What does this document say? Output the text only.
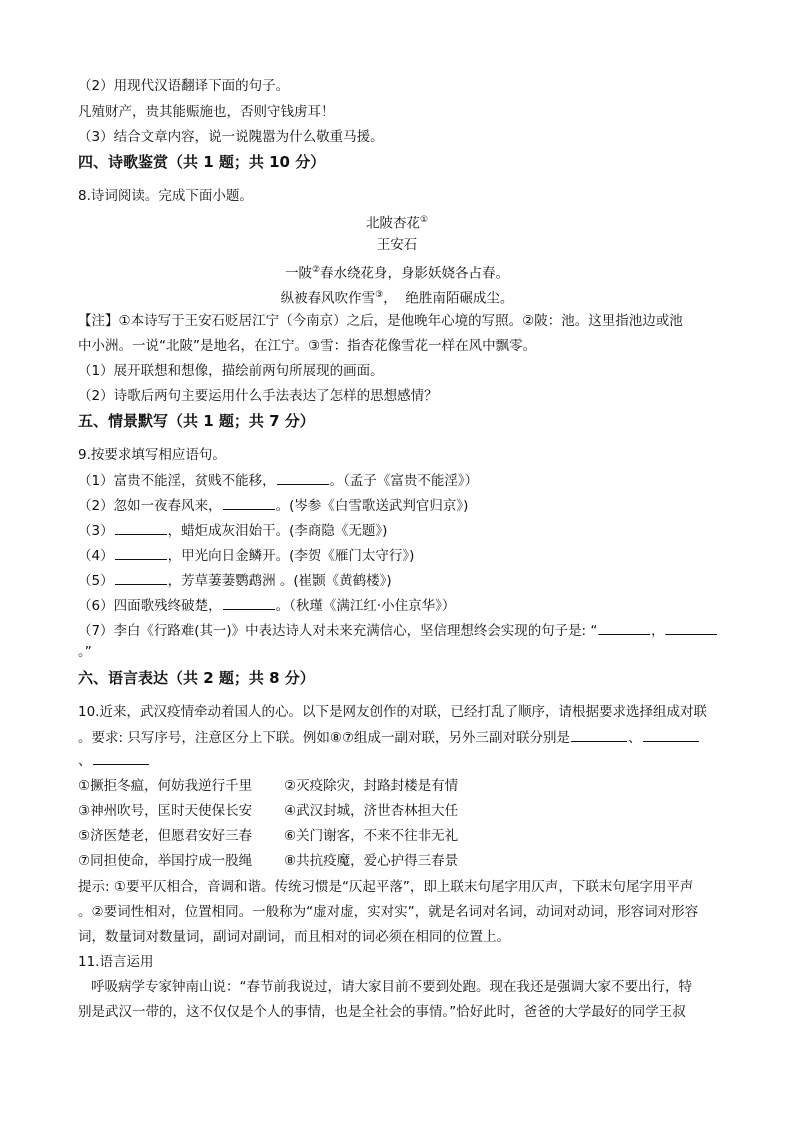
（2）用现代汉语翻译下面的句子。
凡殖财产，贵其能赈施也，否则守钱虏耳！
（3）结合文章内容，说一说隗嚣为什么敬重马援。
四、诗歌鉴赏（共 1 题；共 10 分）
8.诗词阅读。完成下面小题。
北陂杏花①
王安石
一陂②春水绕花身，身影妖娆各占春。
纵被春风吹作雪③，  绝胜南陌碾成尘。
【注】①本诗写于王安石贬居江宁（今南京）之后，是他晚年心境的写照。②陂：池。这里指池边或池
中小洲。一说“北陂”是地名，在江宁。③雪：指杏花像雪花一样在风中飘零。
（1）展开联想和想像，描绘前两句所展现的画面。
（2）诗歌后两句主要运用什么手法表达了怎样的思想感情？
五、情景默写（共 1 题；共 7 分）
9.按要求填写相应语句。
（1）富贵不能淫，贫贱不能移，	。（孟子《富贵不能淫》）
（2）忽如一夜春风来，	。(岑参《白雪歌送武判官归京》)
（3）	，蜡炬成灰泪始干。(李商隐《无题》)
（4）	，甲光向日金鳞开。(李贺《雁门太守行》)
（5）	，芳草萋萋鹦鹉洲 。(崔颢《黄鹤楼》)
（6）四面歌残终破楚，	。（秋瑾《满江红·小住京华》）
（7）李白《行路难(其一)》中表达诗人对未来充满信心，坚信理想终会实现的句子是: “	，
。”
六、语言表达（共 2 题；共 8 分）
10.近来，武汉疫情牵动着国人的心。以下是网友创作的对联，已经打乱了顺序，请根据要求选择组成对联
。要求: 只写序号，注意区分上下联。例如⑧⑦组成一副对联，另外三副对联分别是	、
、
①撅拒冬瘟，何妨我逆行千里 ②灭疫除灾，封路封楼是有情
③神州吹号，匡时天使保长安 ④武汉封城，济世杏林担大任
⑤济医楚老，但愿君安好三春 ⑥关门谢客，不来不往非无礼
⑦同担使命，举国拧成一股绳 ⑧共抗疫魔，爱心护得三春景
提示: ①要平仄相合，音调和谐。传统习惯是“仄起平落”，即上联末句尾字用仄声，下联末句尾字用平声
。②要词性相对，位置相同。一般称为“虚对虚，实对实”，就是名词对名词，动词对动词，形容词对形容
词，数量词对数量词，副词对副词，而且相对的词必须在相同的位置上。
11.语言运用
呼吸病学专家钟南山说：“春节前我说过，请大家目前不要到处跑。现在我还是强调大家不要出行，特
别是武汉一带的，这不仅仅是个人的事情，也是全社会的事情。”恰好此时，爸爸的大学最好的同学王叔
